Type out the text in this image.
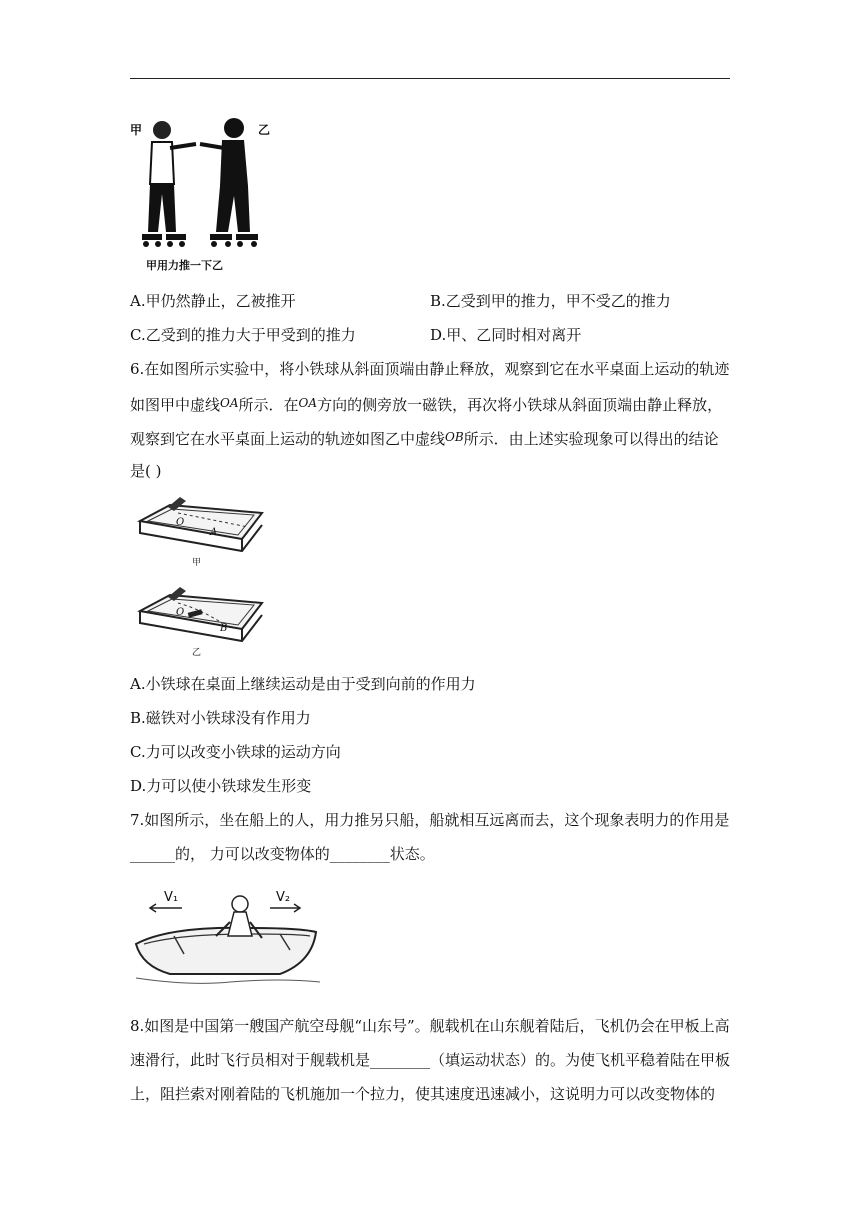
甲	乙
甲用力推一下乙
A.甲仍然静止，乙被推开	B.乙受到甲的推力，甲不受乙的推力
C.乙受到的推力大于甲受到的推力	D.甲、乙同时相对离开
6.在如图所示实验中，将小铁球从斜面顶端由静止释放，观察到它在水平桌面上运动的轨迹
如图甲中虚线$^{OA}$所示．在$^{OA}$方向的侧旁放一磁铁，再次将小铁球从斜面顶端由静止释放，
观察到它在水平桌面上运动的轨迹如图乙中虚线$^{OB}$所示．由上述实验现象可以得出的结论
是( )
O
A
甲
O
B
乙
A.小铁球在桌面上继续运动是由于受到向前的作用力
B.磁铁对小铁球没有作用力
C.力可以改变小铁球的运动方向
D.力可以使小铁球发生形变
7.如图所示，坐在船上的人，用力推另只船，船就相互远离而去，这个现象表明力的作用是
______的， 力可以改变物体的________状态。
V₁	V₂
8.如图是中国第一艘国产航空母舰“山东号”。舰载机在山东舰着陆后，飞机仍会在甲板上高
速滑行，此时飞行员相对于舰载机是________（填运动状态）的。为使飞机平稳着陆在甲板
上，阻拦索对刚着陆的飞机施加一个拉力，使其速度迅速减小，这说明力可以改变物体的
